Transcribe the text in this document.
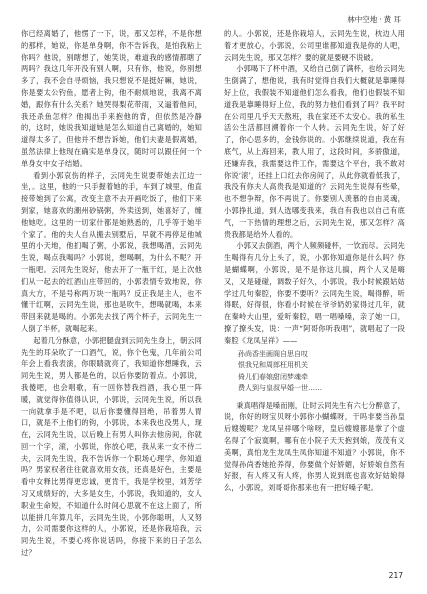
林中空地 · 黄 耳

你已经离婚了，他愣了一下，说，那又怎样，不是你想的那样，她说，你是单身啊，你不告诉我，是怕我粘上你吗？他说，别瞎想了，她笑说，难道我的感情都瞎了两吗？我这几年开没有别人啊，只有你，他说，你别想多了，我不会自寻烦恼，我只想说不是挺好嘛，她说，你是要太公钓鱼，愿者上钩，他不耐烦地说，我离不离婚，跟你有什么关系？她哭得梨花带雨，又逼着他问，我还杀鱼怎样？他揭出手来抱他的背，但依然是冷静的，这时，她说我知道她是怎么知道自己离婚的，她知道得太多了，但他并不想告诉她，他们夫妻是假离婚，虽然法律上他现在确实是单身汉，随时可以跟任何一个单身女中女子结婚。

看到小郭哀伤的样子，云同先生说要带她去江边一坐，。这里，他的一只手握着她的手，车到了城里，他直接带她到了公寓，改变主意不去开画吃饭了，他们下来到家，她喜欢的潮州砂锅粥，外卖送到，她喜好了，缠他她吃。这里的一切家什都是她熟悉的，几乎等于她半个家了。他的夫人自从搬去别墅后，早就不再停足他城里的小天地，他扪喝了粥，小郭说，我想喝酒，云同先生说，喝点我喝吗？小郭说，想喝啊，为什么不呢？开一瓶吧。云同先生说好，他去开了一瓶干红，是上次他们从一起去的红酒山庄带回的，小郭表情专致地说，你真大方，不是号称两万块一瓶吗？反正我是主人，也不懂干红啊，云同先生说，那也是吹牛，想喝就喝，本来带回来就是喝的。小郭先去找了两个杯子，云同先生一人倒了半杯，就喝起来。

起着几分酥意，小郭把腿盘到云同先生身上，朝云同先生的耳朵吹了一口酒气，说，你个色鬼，几年前公司年会上看我表演，你眼睛就亮了，我知道你想睡我，云同先生说，男人都是色的，以后你要防着点。小郭说，我傻吧，也会唱歌，有一回你替我挡酒，我心里一阵暖，就觉得你值得认识，小郭说，云同先生说，所以我一向就拿手是不吧，以后你要懂得回绝，吊着男人胃口，就是不上他们的钩，小郭说，本来我也没男人，现在，云同先生说，以后晚上有男人叫你去他房间，你就回一个字，滚，小郭说，你放心吧，我从来一女不侍二夫，云同先生说，我不告诉你一个职场心理学，你知道吗？男家权者往往就喜欢用女孩，还真是好色，主要是看中女释比男得更忠诚，更肯干，我是学校里，刘芳学习又成绩好的，大多是女生，小郭说，我知道的，女人职业生命短，不知道什么时间心思就不在这上面了，所以能拼几年算几年，云同先生说，小郭你聪明，人又努力，公司需要你这样的人，小郭说，还是你栽培我，云同先生说，不要心疼你说话吗，你接下来的日子怎么过？

的人。小郭说，还是你栽培人，云同先生说，枕边人用着才更放心，小郭说，公司里谁都知道我是你的人吧，云同先生说，那又怎样？要的就是要硬不说破。

小郭喝下了杯中酒，又给自己倒了满杯，也给云同先生倒满了，想他说，我有时觉得自我们大概就是靠睡得好上位，我假装不知道他们怎么看我，他们也假装不知道我是靠睡得好上位，我的努力他们看到了吗？我平时在公司里几乎天天熬班，我在家还不太安心。我的私生活公生活都回溯着你一个人转。云同先生说，好了好了，你心思多的，金钱你说的。小郭继续说道，我在有底气，从上海回来，教人用了，这段时间，多骄傲道，还嫌弃我，我需要这件工作，需要这个平台，我不敢对你说‘滚’，还挂上口红去你房间了，从此你就看低我了，我没有你夫人高贵我是知道的？云同先生说得有些晕，也不想争辩，你不再说了。你要别人羡慕的自由灵魂，小郭挣扎道，到人选哪变我来，我自有我也以自己有底气，一下热情的理想之后，云同先生说，那又怎样？高贵我都是给外人看的。

小郭又去倒酒，两个人频频碰杯，一饮而尽。云同先生喝得有几分上头了，说，小郭你知道你是什么吗？你是蝴蝶啊，小郭说，是不是你这儿搞，两个人又是嗨又，又是碰碰，调数子好久，小郭说，我小时候跟姑姑学过几句秦腔，你要不要听？云同先生说，喝得醉，听得眠，好得很，你看小时候在爷爷奶奶家得过几年，就在秦岭大山里，爱听秦腔，唱一唱嗓嗓，亲了她一口，撩了撩头发，说：一声“阿哥你听我唱”，就唱起了一段秦腔《龙凤呈祥》——

孙尚香坐画阁自思自叹
恨我兄和周郎枉用机关
倚儿们春娘甜闭梦魂牵
费人到与皇叔早婚一世……

秉真唱得是嗓而刚，让时云同先生有六七分醉意了，说，你好的呀宝贝呀小郭你小蝴蝶呀，干吗非要当孙皇后嫂嫂呢？龙凤呈祥哪个啥呀，皇后嫂嫂都是掌了个虚名得了个寂寞啊，哪有在小院子天天抱到娘，茂茂有义美啊，真怕龙生龙凤生凤你知道不知道？小郭说，你不觉得孙尚香她抢养得，你要做个好娇媚，好娇娘自然有好报，有人疼又有人疼，你男人说到底也喜欢好姑娘得么，小郭说，刘哥哥你那来也有一把好嗓子呢。

217
